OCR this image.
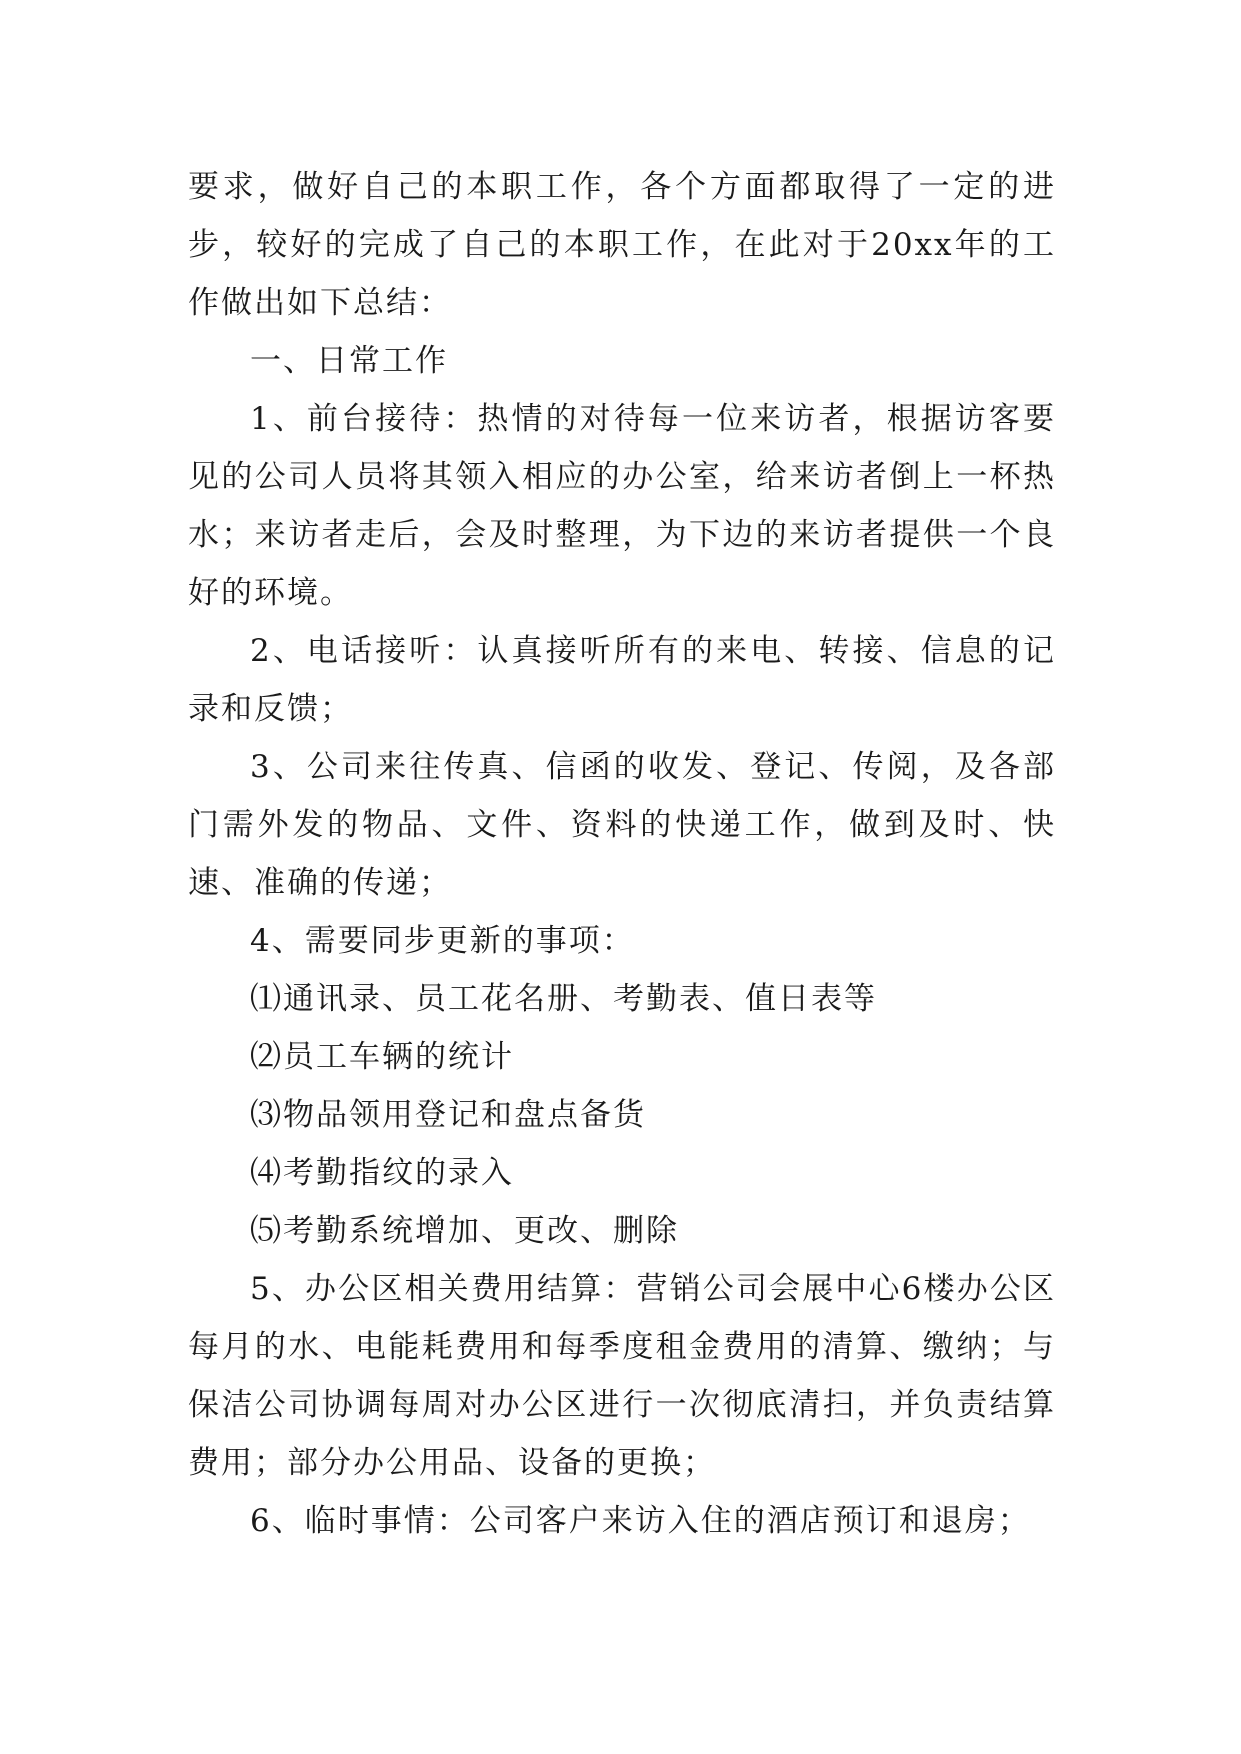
要求，做好自己的本职工作，各个方面都取得了一定的进步，较好的完成了自己的本职工作，在此对于20xx年的工作做出如下总结：

一、日常工作

1、前台接待：热情的对待每一位来访者，根据访客要见的公司人员将其领入相应的办公室，给来访者倒上一杯热水；来访者走后，会及时整理，为下边的来访者提供一个良好的环境。

2、电话接听：认真接听所有的来电、转接、信息的记录和反馈；

3、公司来往传真、信函的收发、登记、传阅，及各部门需外发的物品、文件、资料的快递工作，做到及时、快速、准确的传递；

4、需要同步更新的事项：

⑴通讯录、员工花名册、考勤表、值日表等

⑵员工车辆的统计

⑶物品领用登记和盘点备货

⑷考勤指纹的录入

⑸考勤系统增加、更改、删除

5、办公区相关费用结算：营销公司会展中心6楼办公区每月的水、电能耗费用和每季度租金费用的清算、缴纳；与保洁公司协调每周对办公区进行一次彻底清扫，并负责结算费用；部分办公用品、设备的更换；

6、临时事情：公司客户来访入住的酒店预订和退房；
